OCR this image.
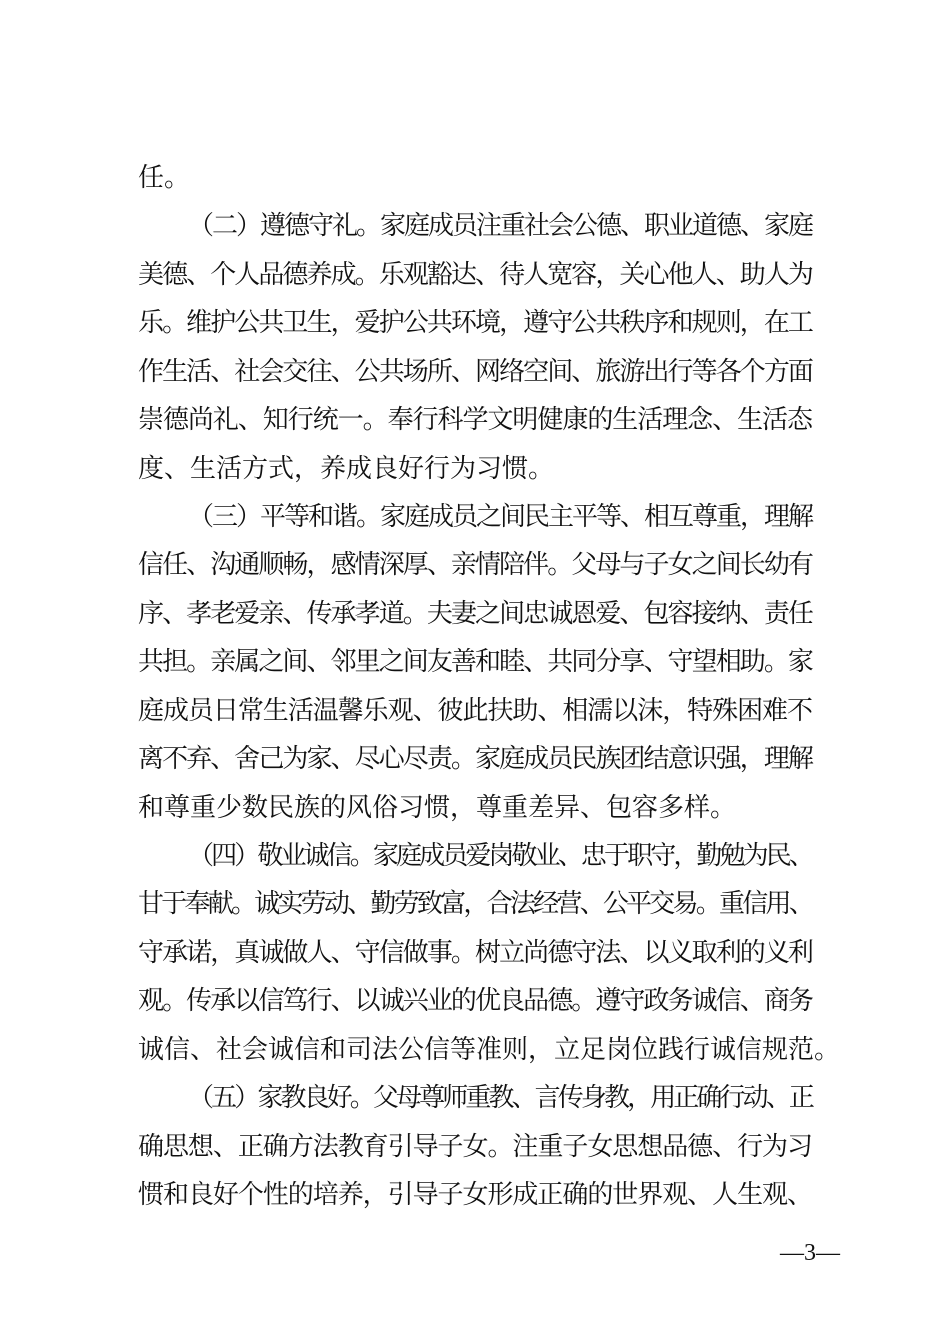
任。
（二）遵德守礼。家庭成员注重社会公德、职业道德、家庭
美德、个人品德养成。乐观豁达、待人宽容，关心他人、助人为
乐。维护公共卫生，爱护公共环境，遵守公共秩序和规则，在工
作生活、社会交往、公共场所、网络空间、旅游出行等各个方面
崇德尚礼、知行统一。奉行科学文明健康的生活理念、生活态
度、生活方式，养成良好行为习惯。
（三）平等和谐。家庭成员之间民主平等、相互尊重，理解
信任、沟通顺畅，感情深厚、亲情陪伴。父母与子女之间长幼有
序、孝老爱亲、传承孝道。夫妻之间忠诚恩爱、包容接纳、责任
共担。亲属之间、邻里之间友善和睦、共同分享、守望相助。家
庭成员日常生活温馨乐观、彼此扶助、相濡以沫，特殊困难不
离不弃、舍己为家、尽心尽责。家庭成员民族团结意识强，理解
和尊重少数民族的风俗习惯，尊重差异、包容多样。
（四）敬业诚信。家庭成员爱岗敬业、忠于职守，勤勉为民、
甘于奉献。诚实劳动、勤劳致富，合法经营、公平交易。重信用、
守承诺，真诚做人、守信做事。树立尚德守法、以义取利的义利
观。传承以信笃行、以诚兴业的优良品德。遵守政务诚信、商务
诚信、社会诚信和司法公信等准则，立足岗位践行诚信规范。
（五）家教良好。父母尊师重教、言传身教，用正确行动、正
确思想、正确方法教育引导子女。注重子女思想品德、行为习
惯和良好个性的培养，引导子女形成正确的世界观、人生观、
—3—
